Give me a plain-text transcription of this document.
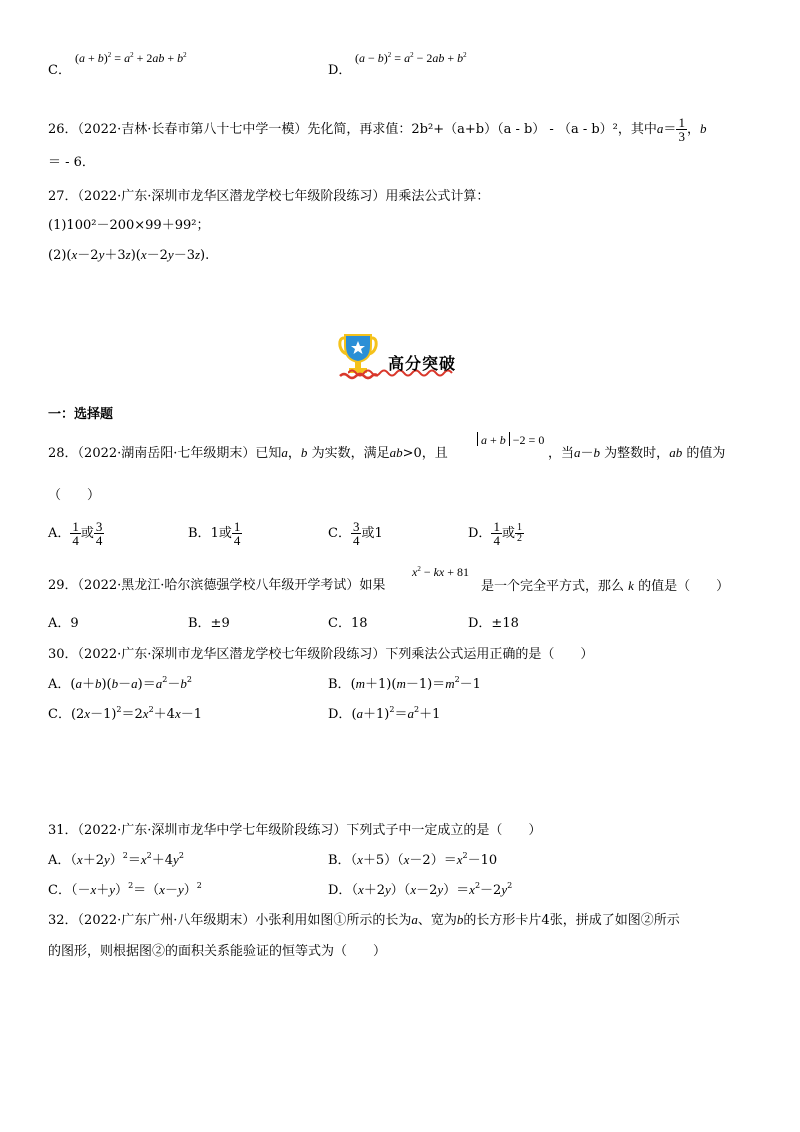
C．
$(a + b)^2 = a^2 + 2ab + b^2$
D．
$(a - b)^2 = a^2 - 2ab + b^2$
26．（2022·吉林·长春市第八十七中学一模）先化简，再求值：2b²+（a+b）（a - b） - （a - b）²，其中$a= \frac{1}{3}$ ，b
＝ - 6．
27．（2022·广东·深圳市龙华区潜龙学校七年级阶段练习）用乘法公式计算：
(1)100²－200×99＋99²；
(2)(x－2y＋3z)(x－2y－3z).
高分突破
一：选择题
28．（2022·湖南岳阳·七年级期末）已知a，b 为实数，满足ab>0，且
a + b  −2 = 0
，当a－b 为整数时，ab 的值为
（　　）
A． $\frac{1}{4}$ 或 $\frac{3}{4}$	B．1或 $\frac{1}{4}$	C． $\frac{3}{4}$ 或1	D． $\frac{1}{4}$ 或 $\frac{1}{2}$
29．（2022·黑龙江·哈尔滨德强学校八年级开学考试）如果
$x^2$ − kx + 81
是一个完全平方式，那么 k 的值是（　　）
A．9	B．±9	C．18	D．±18
30．（2022·广东·深圳市龙华区潜龙学校七年级阶段练习）下列乘法公式运用正确的是（　　）
A．$(a+b)(b-a)=a^2-b^2$	B．$(m+1)(m-1)=m^2-1$
C．$(2x-1)^2=2x^2+4x-1$	D．$(a+1)^2=a^2+1$
31．（2022·广东·深圳市龙华中学七年级阶段练习）下列式子中一定成立的是（　　）
A．$(x+2y)^2=x^2+4y^2$	B．$(x+5)(x-2)=x^2-10$
C．$(-x+y)^2=(x-y)^2$	D．$(x+2y)(x-2y)=x^2-2y^2$
32．（2022·广东广州·八年级期末）小张利用如图①所示的长为a、宽为b的长方形卡片4张，拼成了如图②所示
的图形，则根据图②的面积关系能验证的恒等式为（　　）
